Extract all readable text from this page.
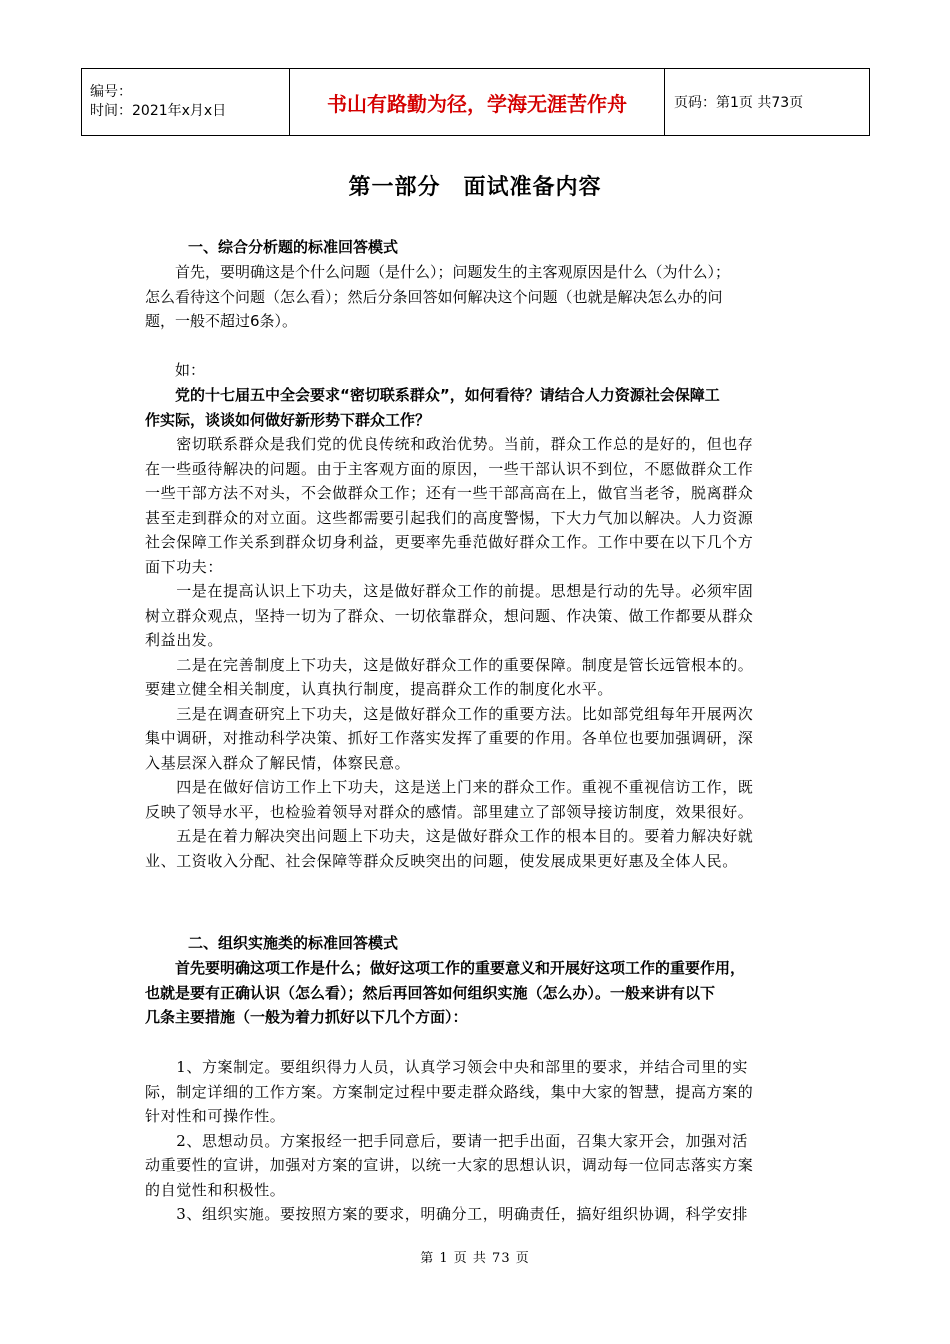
编号：
时间：2021年x月x日	书山有路勤为径，学海无涯苦作舟	页码：第1页 共73页
第一部分　面试准备内容
一、综合分析题的标准回答模式
　　首先，要明确这是个什么问题（是什么）；问题发生的主客观原因是什么（为什么）；
怎么看待这个问题（怎么看）；然后分条回答如何解决这个问题（也就是解决怎么办的问
题，一般不超过6条）。
　　如：
　　党的十七届五中全会要求“密切联系群众”，如何看待？请结合人力资源社会保障工
作实际，谈谈如何做好新形势下群众工作？
　　密切联系群众是我们党的优良传统和政治优势。当前，群众工作总的是好的，但也存
在一些亟待解决的问题。由于主客观方面的原因，一些干部认识不到位，不愿做群众工作
一些干部方法不对头，不会做群众工作；还有一些干部高高在上，做官当老爷，脱离群众
甚至走到群众的对立面。这些都需要引起我们的高度警惕，下大力气加以解决。人力资源
社会保障工作关系到群众切身利益，更要率先垂范做好群众工作。工作中要在以下几个方
面下功夫：
　　一是在提高认识上下功夫，这是做好群众工作的前提。思想是行动的先导。必须牢固
树立群众观点，坚持一切为了群众、一切依靠群众，想问题、作决策、做工作都要从群众
利益出发。
　　二是在完善制度上下功夫，这是做好群众工作的重要保障。制度是管长远管根本的。
要建立健全相关制度，认真执行制度，提高群众工作的制度化水平。
　　三是在调查研究上下功夫，这是做好群众工作的重要方法。比如部党组每年开展两次
集中调研，对推动科学决策、抓好工作落实发挥了重要的作用。各单位也要加强调研，深
入基层深入群众了解民情，体察民意。
　　四是在做好信访工作上下功夫，这是送上门来的群众工作。重视不重视信访工作，既
反映了领导水平，也检验着领导对群众的感情。部里建立了部领导接访制度，效果很好。
　　五是在着力解决突出问题上下功夫，这是做好群众工作的根本目的。要着力解决好就
业、工资收入分配、社会保障等群众反映突出的问题，使发展成果更好惠及全体人民。
二、组织实施类的标准回答模式
　　首先要明确这项工作是什么；做好这项工作的重要意义和开展好这项工作的重要作用，
也就是要有正确认识（怎么看）；然后再回答如何组织实施（怎么办）。一般来讲有以下
几条主要措施（一般为着力抓好以下几个方面）：
　　1、方案制定。要组织得力人员，认真学习领会中央和部里的要求，并结合司里的实
际，制定详细的工作方案。方案制定过程中要走群众路线，集中大家的智慧，提高方案的
针对性和可操作性。
　　2、思想动员。方案报经一把手同意后，要请一把手出面，召集大家开会，加强对活
动重要性的宣讲，加强对方案的宣讲，以统一大家的思想认识，调动每一位同志落实方案
的自觉性和积极性。
　　3、组织实施。要按照方案的要求，明确分工，明确责任，搞好组织协调，科学安排
第 1 页 共 73 页
